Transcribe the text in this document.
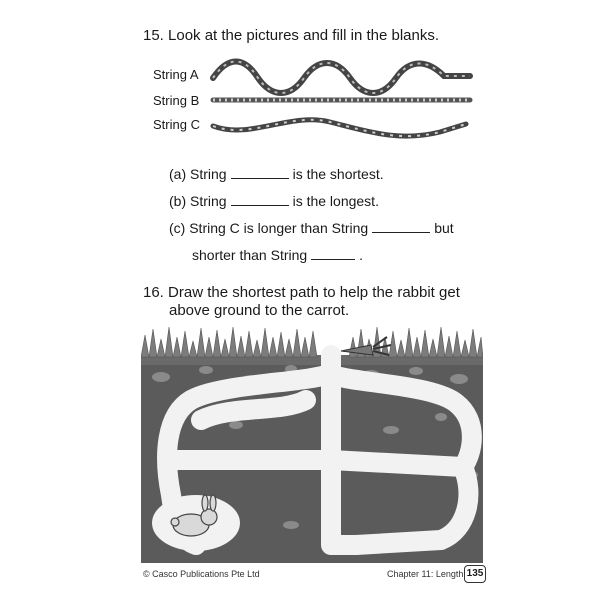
15. Look at the pictures and fill in the blanks.
String A
String B
String C
(a) String	is the shortest.
(b) String	is the longest.
(c) String C is longer than String	but
shorter than String	.
16. Draw the shortest path to help the rabbit get
above ground to the carrot.
© Casco Publications Pte Ltd	Chapter 11: Length 135
